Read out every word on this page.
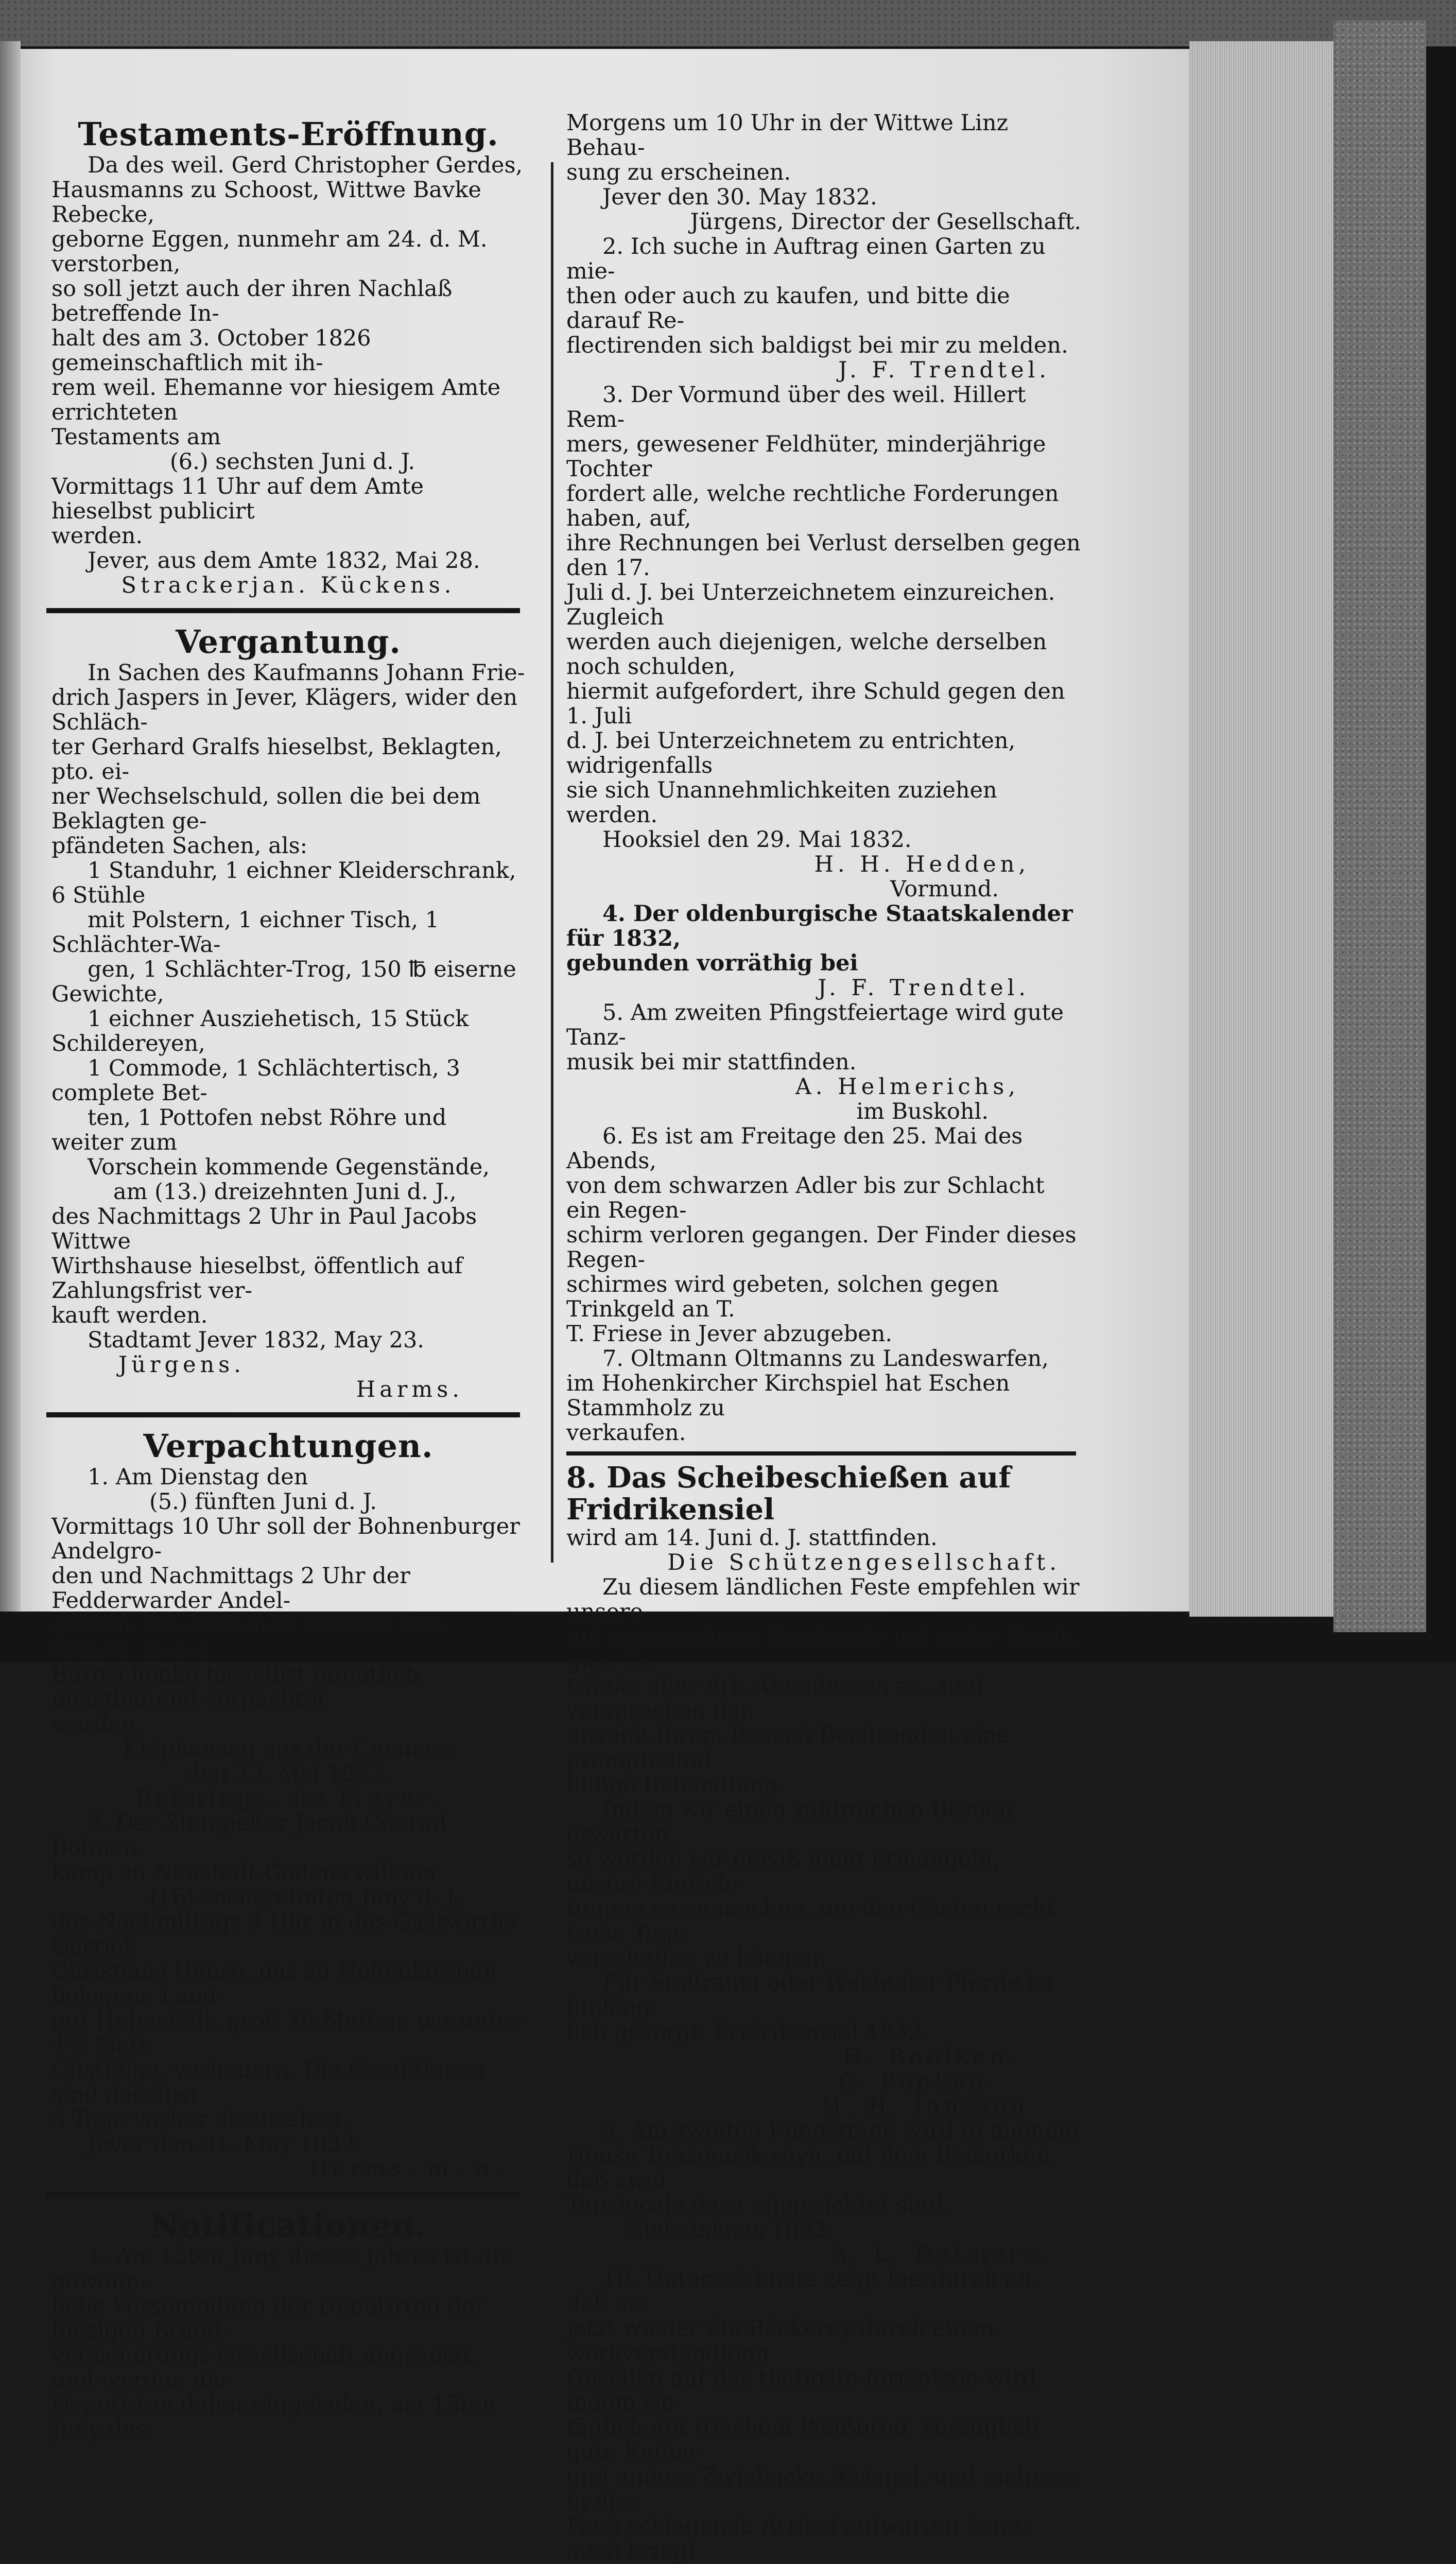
Testaments-Eröffnung.

Da des weil. Gerd Christopher Gerdes,

Hausmanns zu Schoost, Wittwe Bavke Rebecke,

geborne Eggen, nunmehr am 24. d. M. verstorben,

so soll jetzt auch der ihren Nachlaß betreffende In-

halt des am 3. October 1826 gemeinschaftlich mit ih-

rem weil. Ehemanne vor hiesigem Amte errichteten

Testaments am

(6.) sechsten Juni d. J.

Vormittags 11 Uhr auf dem Amte hieselbst publicirt

werden.

Jever, aus dem Amte 1832, Mai 28.

Strackerjan. Kückens.

Vergantung.

In Sachen des Kaufmanns Johann Frie-

drich Jaspers in Jever, Klägers, wider den Schläch-

ter Gerhard Gralfs hieselbst, Beklagten, pto. ei-

ner Wechselschuld, sollen die bei dem Beklagten ge-

pfändeten Sachen, als:

1 Standuhr, 1 eichner Kleiderschrank, 6 Stühle

mit Polstern, 1 eichner Tisch, 1 Schlächter-Wa-

gen, 1 Schlächter-Trog, 150 ℔ eiserne Gewichte,

1 eichner Ausziehetisch, 15 Stück Schildereyen,

1 Commode, 1 Schlächtertisch, 3 complete Bet-

ten, 1 Pottofen nebst Röhre und weiter zum

Vorschein kommende Gegenstände,

am (13.) dreizehnten Juni d. J.,

des Nachmittags 2 Uhr in Paul Jacobs Wittwe

Wirthshause hieselbst, öffentlich auf Zahlungsfrist ver-

kauft werden.

Stadtamt Jever 1832, May 23.

Jürgens.

Harms.

Verpachtungen.

1. Am Dienstag den

(5.) fünften Juni d. J.

Vormittags 10 Uhr soll der Bohnenburger Andelgro-

den und Nachmittags 2 Uhr der Fedderwarder Andel-

groden, bei einzelnen Placken zum Mähen, in der

Burgschenke hieselbst öffentlich meistbietend verpachtet

werden.

Kniphausen aus der Cammer,

den 23. Mai 1832.

Brünings. de Meyer.

2. Der Zinngießer Jacob Conrad Bohnen-

kamp zu Neustadt-Gödens will am

(16) sechszehnten Juny d. J.,

des Nachmittags 3 Uhr in des Gastwirths Gerriet

Christians Hause, das zu Hohenkirchen belegene Land-

gut Helmstädt, groß 78 Matten, worunter 4⅔ Matt

Güstfalge, verheuern. Die Conditionen sind daselbst

3 Tage vorher einzusehen.

Jever den 31. May 1832.

Harms, m. n.

Notificationen.

1. Am 15ten Juny dieses Jahres ist die gewöhn-

liche Versammlung der Deputirten der hiesigen Brand-

versicherungs-Gesellschaft angesetzt, und werden die

Deputirten daher eingeladen, am 15ten Juny des

Morgens um 10 Uhr in der Wittwe Linz Behau-

sung zu erscheinen.

Jever den 30. May 1832.

Jürgens, Director der Gesellschaft.

2. Ich suche in Auftrag einen Garten zu mie-

then oder auch zu kaufen, und bitte die darauf Re-

flectirenden sich baldigst bei mir zu melden.

J. F. Trendtel.

3. Der Vormund über des weil. Hillert Rem-

mers, gewesener Feldhüter, minderjährige Tochter

fordert alle, welche rechtliche Forderungen haben, auf,

ihre Rechnungen bei Verlust derselben gegen den 17.

Juli d. J. bei Unterzeichnetem einzureichen. Zugleich

werden auch diejenigen, welche derselben noch schulden,

hiermit aufgefordert, ihre Schuld gegen den 1. Juli

d. J. bei Unterzeichnetem zu entrichten, widrigenfalls

sie sich Unannehmlichkeiten zuziehen werden.

Hooksiel den 29. Mai 1832.

H. H. Hedden,

Vormund.

4. Der oldenburgische Staatskalender für 1832,

gebunden vorräthig bei

J. F. Trendtel.

5. Am zweiten Pfingstfeiertage wird gute Tanz-

musik bei mir stattfinden.

A. Helmerichs,

im Buskohl.

6. Es ist am Freitage den 25. Mai des Abends,

von dem schwarzen Adler bis zur Schlacht ein Regen-

schirm verloren gegangen. Der Finder dieses Regen-

schirmes wird gebeten, solchen gegen Trinkgeld an T.

T. Friese in Jever abzugeben.

7. Oltmann Oltmanns zu Landeswarfen,

im Hohenkircher Kirchspiel hat Eschen Stammholz zu

verkaufen.

8. Das Scheibeschießen auf Fridrikensiel

wird am 14. Juni d. J. stattfinden.

Die Schützengesellschaft.

Zu diesem ländlichen Feste empfehlen wir unsere

gut eingerichtete Tanzlocale mit guter Musik, gute Ge-

tränke aller Art, Abendessen ꝛc., und versprechen den

uns mit ihrem Besuch Beehrenden eine prompte und

billige Behandlung.

Indem wir einen zahlreichen Besuch erwarten,

so werden wir gewiß nicht ermangeln, unsere Einrich-

tungen so zu machen, um den Gästen recht frohe Tage

verschaffen zu können.

Für Stallraum oder Weide der Pferde ist hinläng-

lich gesorgt. Fridrikensiel 1832.

H. Boolken.

C. Popken.

H. H. Janssen.

9. Am zweiten Pfingsttage wird in meinem

Hause Tanzmusik seyn, mit dem Bemerken, daß zwei

Tanzlocale dazu eingerichtet sind.

Siebetshaus 1832.

A. L. Detmers.

10. Unterzeichnete zeigt hierdurch an, daß sie

jetzt wieder die Bäckerey durch einen werkverständigen

Gesellen auf das thätigste fortsetzen wird, indem sie

täglich mit frischem Weißbrod, vorzüglich gute Kaffee-

und andere Zwiebacke, Kringel, und mehrere in dies

Fach schlagende Artikel aufwarten kann; auch bringt
